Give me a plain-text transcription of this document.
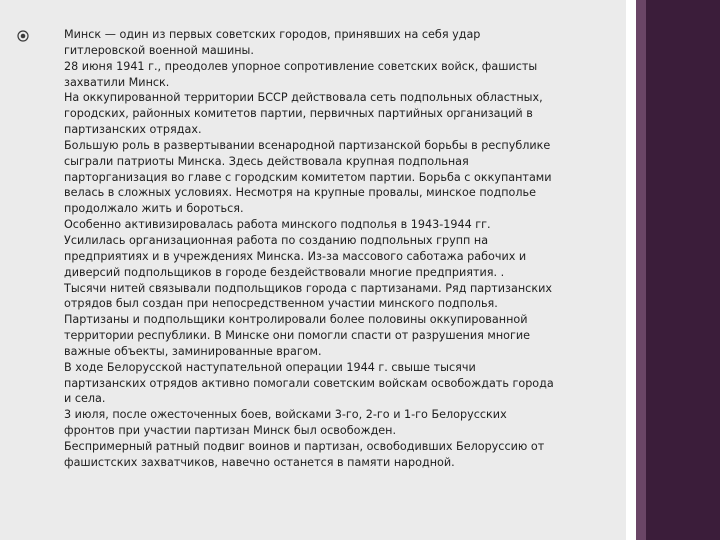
Минск — один из первых советских городов, принявших на себя удар
гитлеровской военной машины.
28 июня 1941 г., преодолев упорное сопротивление советских войск, фашисты
захватили Минск.
На оккупированной территории БССР действовала сеть подпольных областных,
городских, районных комитетов партии, первичных партийных организаций в
партизанских отрядах.
Большую роль в развертывании всенародной партизанской борьбы в республике
сыграли патриоты Минска. Здесь действовала крупная подпольная
парторганизация во главе с городским комитетом партии. Борьба с оккупантами
велась в сложных условиях. Несмотря на крупные провалы, минское подполье
продолжало жить и бороться.
Особенно активизировалась работа минского подполья в 1943-1944 гг.
Усилилась организационная работа по созданию подпольных групп на
предприятиях и в учреждениях Минска. Из-за массового саботажа рабочих и
диверсий подпольщиков в городе бездействовали многие предприятия. .
Тысячи нитей связывали подпольщиков города с партизанами. Ряд партизанских
отрядов был создан при непосредственном участии минского подполья.
Партизаны и подпольщики контролировали более половины оккупированной
территории республики. В Минске они помогли спасти от разрушения многие
важные объекты, заминированные врагом.
В ходе Белорусской наступательной операции 1944 г. свыше тысячи
партизанских отрядов активно помогали советским войскам освобождать города
и села.
3 июля, после ожесточенных боев, войсками 3-го, 2-го и 1-го Белорусских
фронтов при участии партизан Минск был освобожден.
Беспримерный ратный подвиг воинов и партизан, освободивших Белоруссию от
фашистских захватчиков, навечно останется в памяти народной.
